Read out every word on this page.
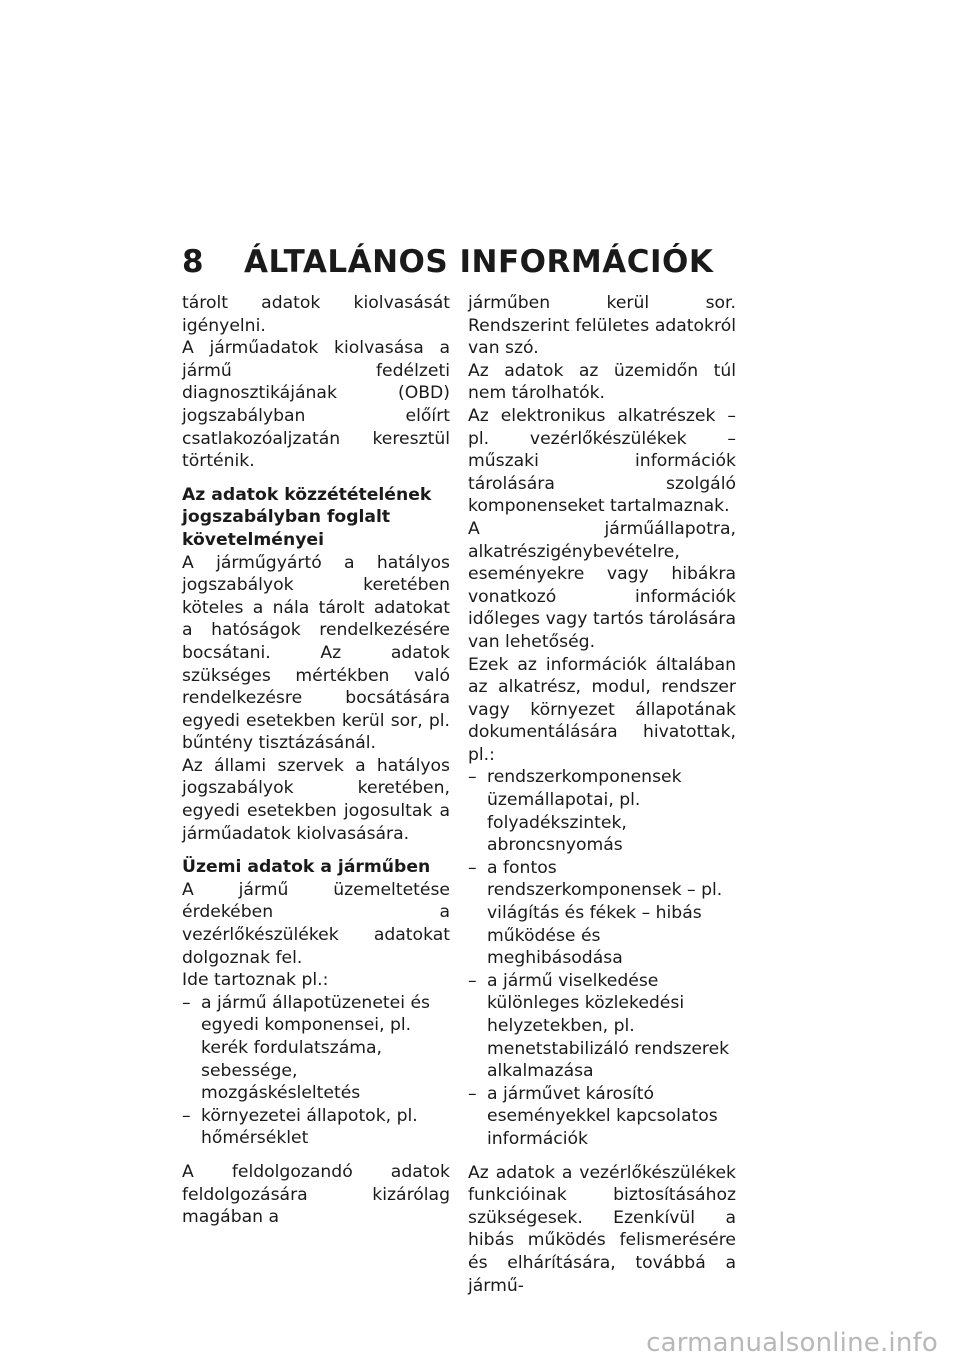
8 ÁLTALÁNOS INFORMÁCIÓK

tárolt adatok kiolvasását igényelni.

A járműadatok kiolvasása a jármű fedélzeti diagnosztikájának (OBD) jogszabályban előírt csatlakozóaljzatán keresztül történik.

Az adatok közzétételének jogszabályban foglalt követelményei

A járműgyártó a hatályos jogszabályok keretében köteles a nála tárolt adatokat a hatóságok rendelkezésére bocsátani. Az adatok szükséges mértékben való rendelkezésre bocsátására egyedi esetekben kerül sor, pl. bűntény tisztázásánál.

Az állami szervek a hatályos jogszabályok keretében, egyedi esetekben jogosultak a járműadatok kiolvasására.

Üzemi adatok a járműben

A jármű üzemeltetése érdekében a vezérlőkészülékek adatokat dolgoznak fel.

Ide tartoznak pl.:

– a jármű állapotüzenetei és egyedi komponensei, pl. kerék fordulatszáma, sebessége, mozgáskésleltetés
– környezetei állapotok, pl. hőmérséklet

A feldolgozandó adatok feldolgozására kizárólag magában a

járműben kerül sor. Rendszerint felületes adatokról van szó.

Az adatok az üzemidőn túl nem tárolhatók.

Az elektronikus alkatrészek – pl. vezérlőkészülékek – műszaki információk tárolására szolgáló komponenseket tartalmaznak.

A járműállapotra, alkatrészigénybevételre, eseményekre vagy hibákra vonatkozó információk időleges vagy tartós tárolására van lehetőség.

Ezek az információk általában az alkatrész, modul, rendszer vagy környezet állapotának dokumentálására hivatottak, pl.:

– rendszerkomponensek üzemállapotai, pl. folyadékszintek, abroncsnyomás
– a fontos rendszerkomponensek – pl. világítás és fékek – hibás működése és meghibásodása
– a jármű viselkedése különleges közlekedési helyzetekben, pl. menetstabilizáló rendszerek alkalmazása
– a járművet károsító eseményekkel kapcsolatos információk

Az adatok a vezérlőkészülékek funkcióinak biztosításához szükségesek. Ezenkívül a hibás működés felismerésére és elhárítására, továbbá a jármű-

carmanualsonline.info
